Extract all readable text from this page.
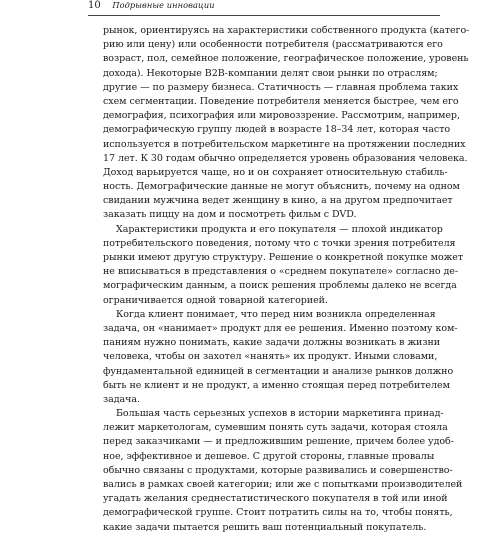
10 Подрывные инновации
рынок, ориентируясь на характеристики собственного продукта (катего-
рию или цену) или особенности потребителя (рассматриваются его
возраст, пол, семейное положение, географическое положение, уровень
дохода). Некоторые B2B-компании делят свои рынки по отраслям;
другие — по размеру бизнеса. Статичность — главная проблема таких
схем сегментации. Поведение потребителя меняется быстрее, чем его
демография, психография или мировоззрение. Рассмотрим, например,
демографическую группу людей в возрасте 18–34 лет, которая часто
используется в потребительском маркетинге на протяжении последних
17 лет. К 30 годам обычно определяется уровень образования человека.
Доход варьируется чаще, но и он сохраняет относительную стабиль-
ность. Демографические данные не могут объяснить, почему на одном
свидании мужчина ведет женщину в кино, а на другом предпочитает
заказать пиццу на дом и посмотреть фильм с DVD.
Характеристики продукта и его покупателя — плохой индикатор
потребительского поведения, потому что с точки зрения потребителя
рынки имеют другую структуру. Решение о конкретной покупке может
не вписываться в представления о «среднем покупателе» согласно де-
мографическим данным, а поиск решения проблемы далеко не всегда
ограничивается одной товарной категорией.
Когда клиент понимает, что перед ним возникла определенная
задача, он «нанимает» продукт для ее решения. Именно поэтому ком-
паниям нужно понимать, какие задачи должны возникать в жизни
человека, чтобы он захотел «нанять» их продукт. Иными словами,
фундаментальной единицей в сегментации и анализе рынков должно
быть не клиент и не продукт, а именно стоящая перед потребителем
задача.
Большая часть серьезных успехов в истории маркетинга принад-
лежит маркетологам, сумевшим понять суть задачи, которая стояла
перед заказчиками — и предложившим решение, причем более удоб-
ное, эффективное и дешевое. С другой стороны, главные провалы
обычно связаны с продуктами, которые развивались и совершенство-
вались в рамках своей категории; или же с попытками производителей
угадать желания среднестатистического покупателя в той или иной
демографической группе. Стоит потратить силы на то, чтобы понять,
какие задачи пытается решить ваш потенциальный покупатель.
